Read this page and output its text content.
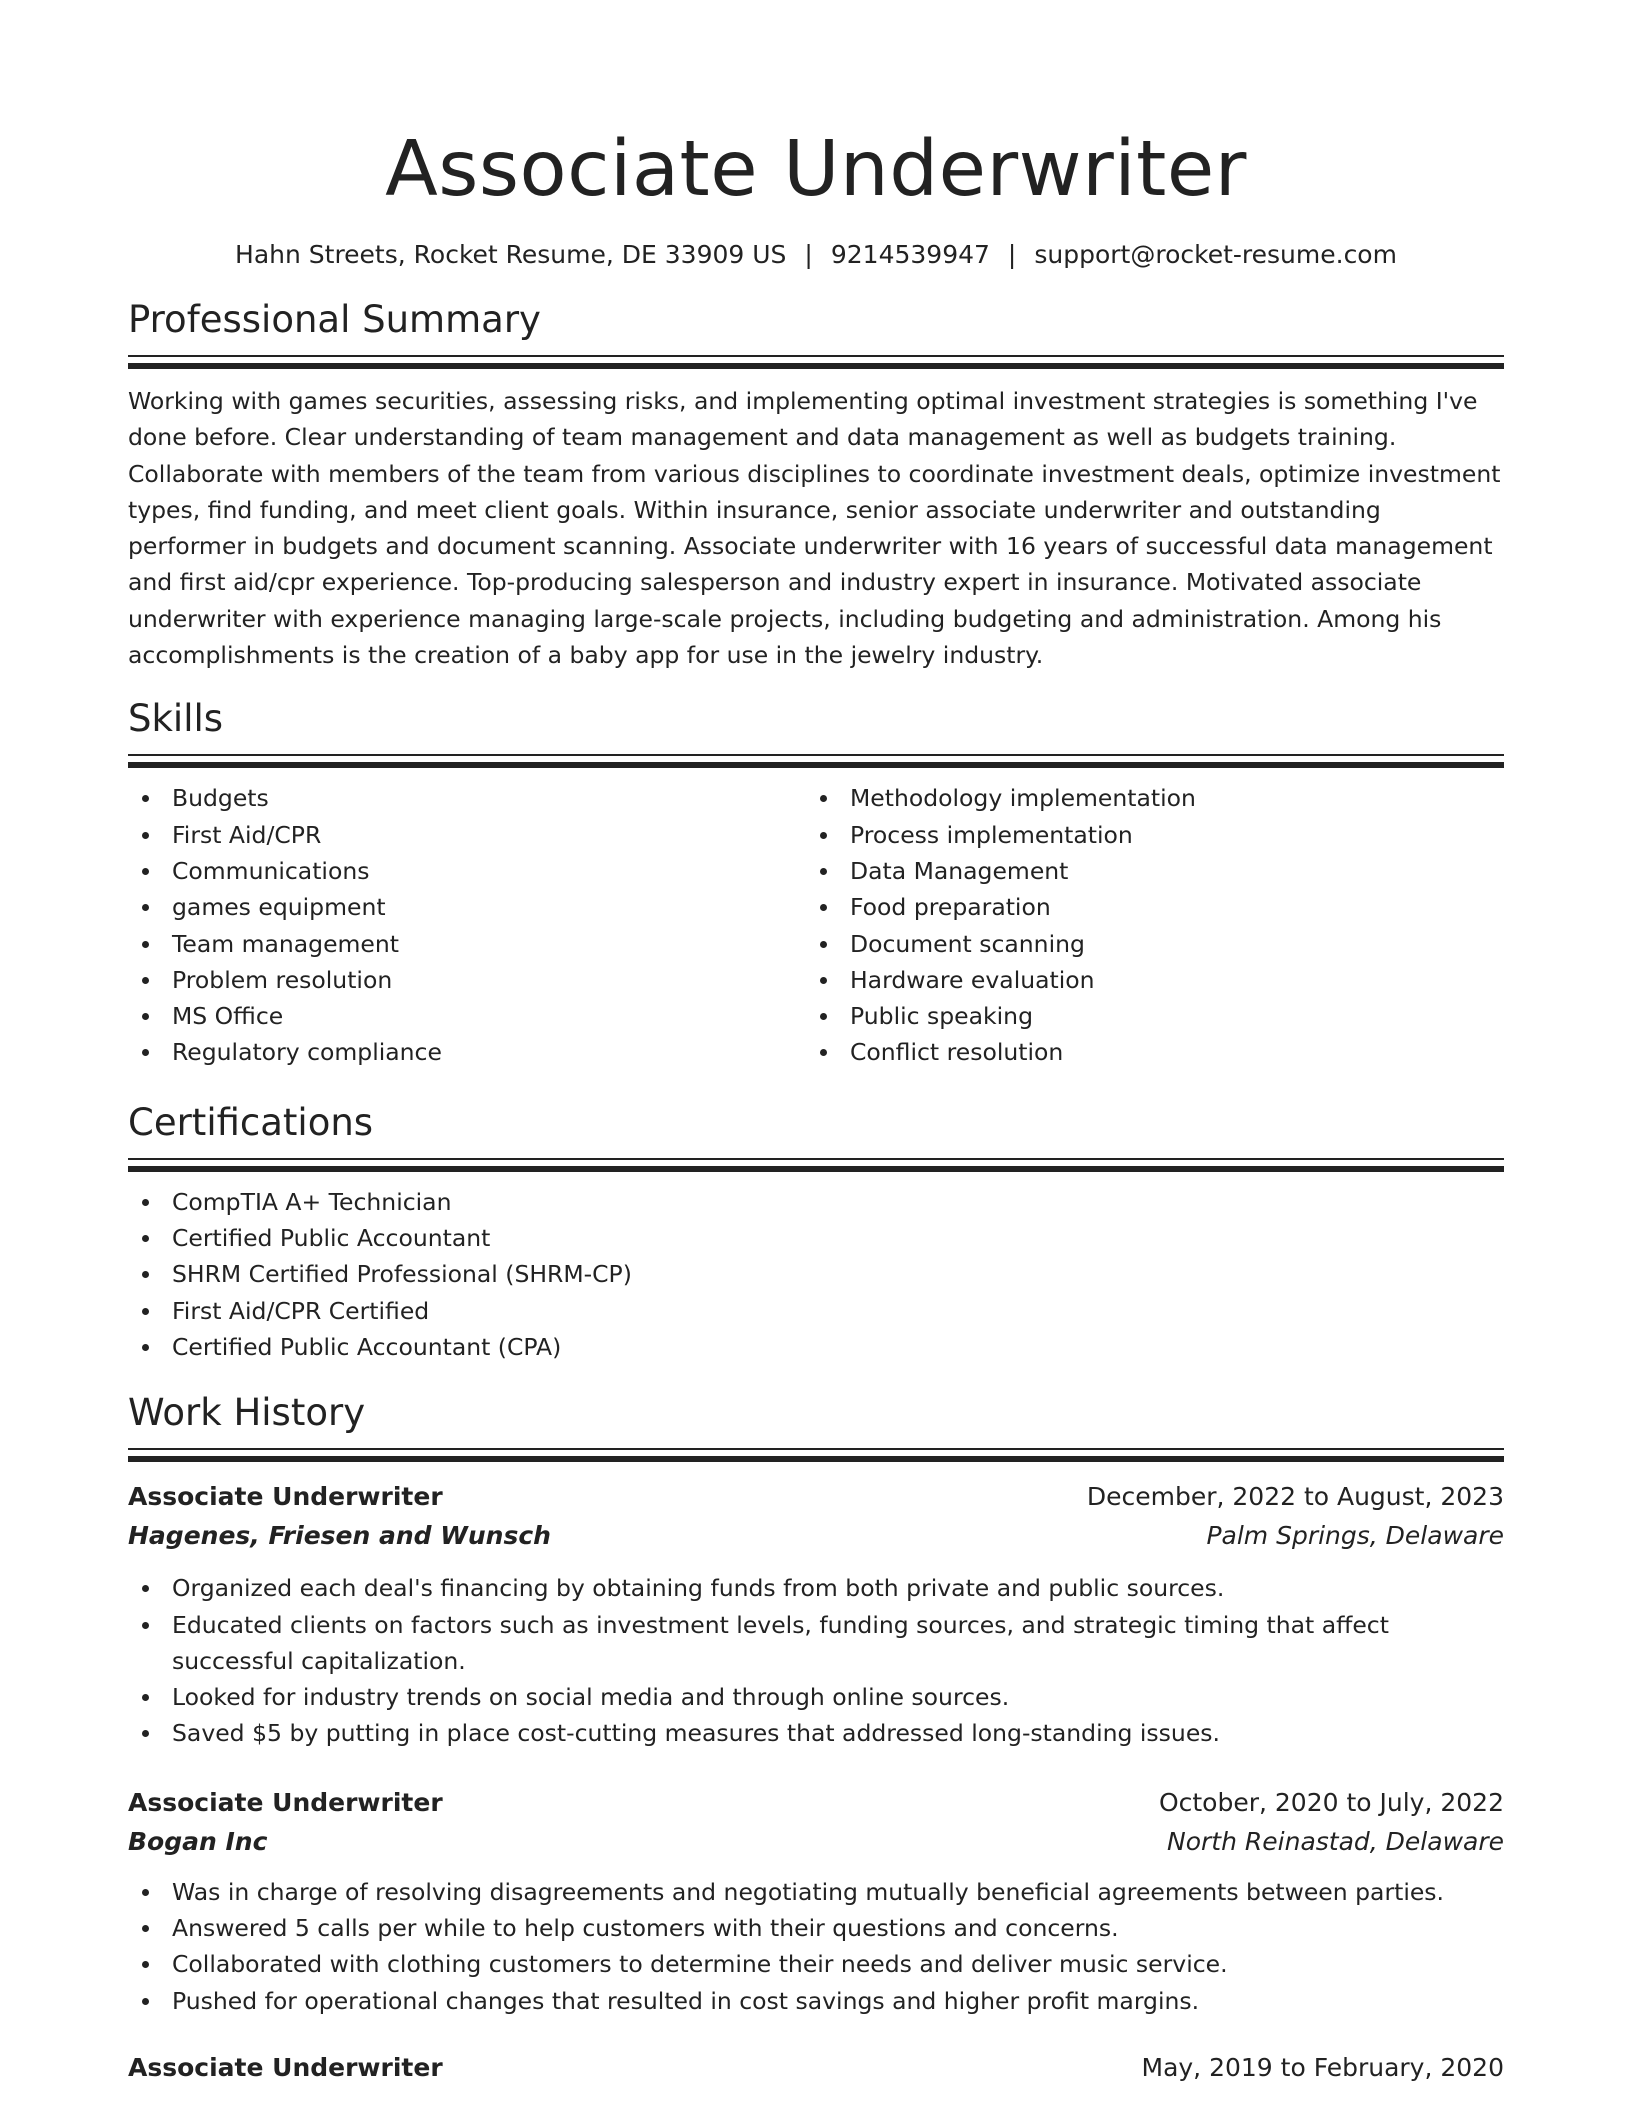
Associate Underwriter
Hahn Streets, Rocket Resume, DE 33909 US | 9214539947 | support@rocket-resume.com
Professional Summary
Working with games securities, assessing risks, and implementing optimal investment strategies is something I've done before. Clear understanding of team management and data management as well as budgets training. Collaborate with members of the team from various disciplines to coordinate investment deals, optimize investment types, find funding, and meet client goals. Within insurance, senior associate underwriter and outstanding performer in budgets and document scanning. Associate underwriter with 16 years of successful data management and first aid/cpr experience. Top-producing salesperson and industry expert in insurance. Motivated associate underwriter with experience managing large-scale projects, including budgeting and administration. Among his accomplishments is the creation of a baby app for use in the jewelry industry.
Skills
Budgets
First Aid/CPR
Communications
games equipment
Team management
Problem resolution
MS Office
Regulatory compliance
Methodology implementation
Process implementation
Data Management
Food preparation
Document scanning
Hardware evaluation
Public speaking
Conflict resolution
Certifications
CompTIA A+ Technician
Certified Public Accountant
SHRM Certified Professional (SHRM-CP)
First Aid/CPR Certified
Certified Public Accountant (CPA)
Work History
Associate Underwriter	December, 2022 to August, 2023
Hagenes, Friesen and Wunsch	Palm Springs, Delaware
Organized each deal's financing by obtaining funds from both private and public sources.
Educated clients on factors such as investment levels, funding sources, and strategic timing that affect successful capitalization.
Looked for industry trends on social media and through online sources.
Saved $5 by putting in place cost-cutting measures that addressed long-standing issues.
Associate Underwriter	October, 2020 to July, 2022
Bogan Inc	North Reinastad, Delaware
Was in charge of resolving disagreements and negotiating mutually beneficial agreements between parties.
Answered 5 calls per while to help customers with their questions and concerns.
Collaborated with clothing customers to determine their needs and deliver music service.
Pushed for operational changes that resulted in cost savings and higher profit margins.
Associate Underwriter	May, 2019 to February, 2020
